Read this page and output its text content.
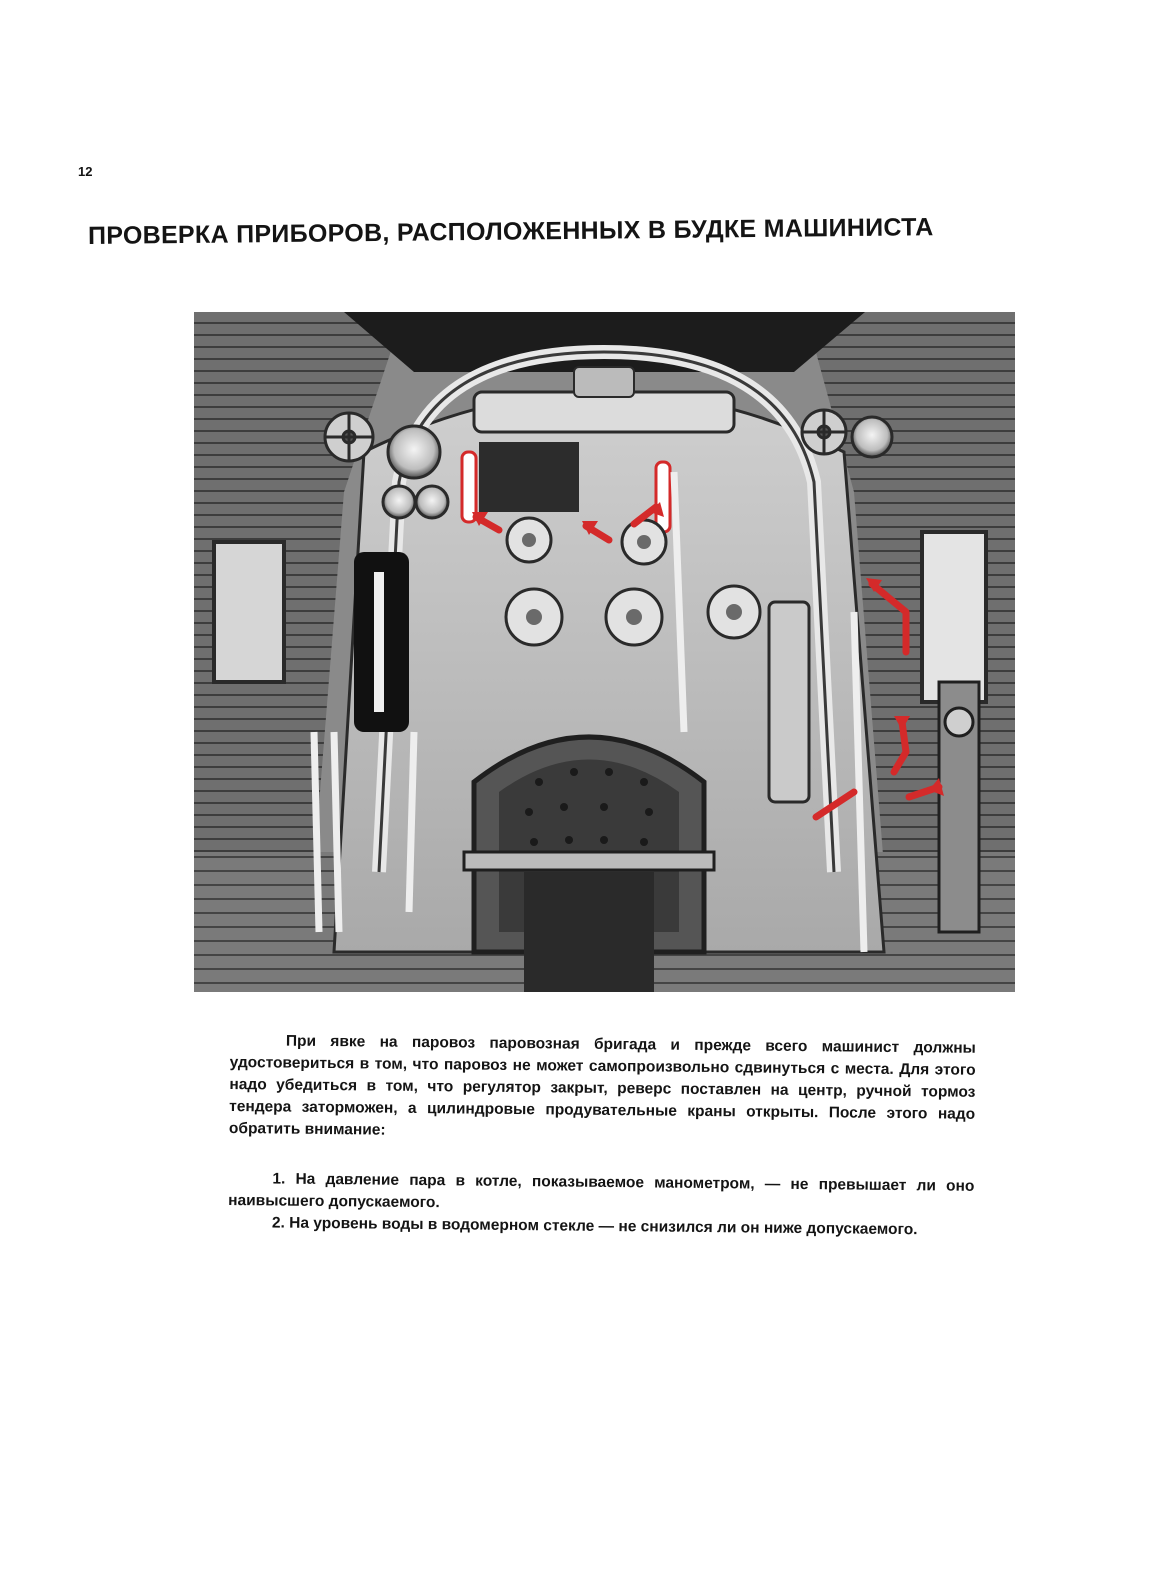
12
ПРОВЕРКА ПРИБОРОВ, РАСПОЛОЖЕННЫХ В БУДКЕ МАШИНИСТА

При явке на паровоз паровозная бригада и прежде всего машинист должны удостовериться в том, что паровоз не может самопроизвольно сдвинуться с места. Для этого надо убедиться в том, что регулятор закрыт, реверс поставлен на центр, ручной тормоз тендера заторможен, а цилиндровые продувательные краны открыты. После этого надо обратить внимание:

1. На давление пара в котле, показываемое манометром, — не превышает ли оно наивысшего допускаемого.

2. На уровень воды в водомерном стекле — не снизился ли он ниже допускаемого.
